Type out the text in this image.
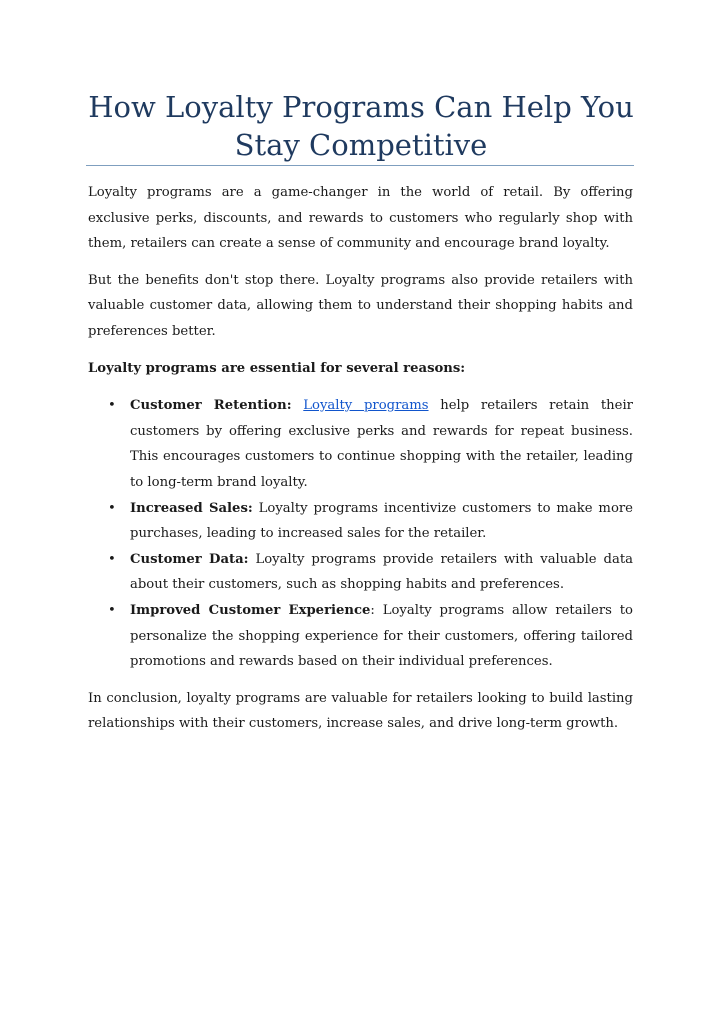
How Loyalty Programs Can Help You Stay Competitive

Loyalty programs are a game-changer in the world of retail. By offering exclusive perks, discounts, and rewards to customers who regularly shop with them, retailers can create a sense of community and encourage brand loyalty.

But the benefits don't stop there. Loyalty programs also provide retailers with valuable customer data, allowing them to understand their shopping habits and preferences better.

Loyalty programs are essential for several reasons:

• Customer Retention: Loyalty programs help retailers retain their customers by offering exclusive perks and rewards for repeat business. This encourages customers to continue shopping with the retailer, leading to long-term brand loyalty.
• Increased Sales: Loyalty programs incentivize customers to make more purchases, leading to increased sales for the retailer.
• Customer Data: Loyalty programs provide retailers with valuable data about their customers, such as shopping habits and preferences.
• Improved Customer Experience: Loyalty programs allow retailers to personalize the shopping experience for their customers, offering tailored promotions and rewards based on their individual preferences.

In conclusion, loyalty programs are valuable for retailers looking to build lasting relationships with their customers, increase sales, and drive long-term growth.
